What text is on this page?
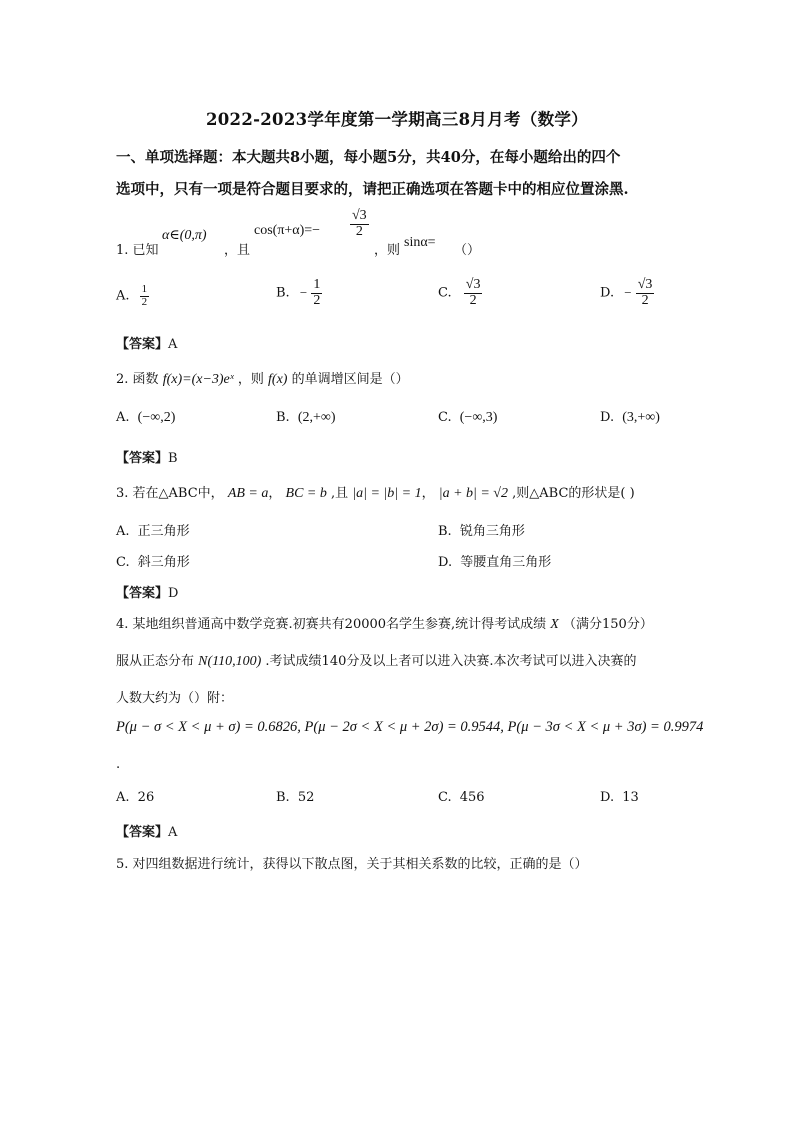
2022-2023学年度第一学期高三8月月考（数学）
一、单项选择题：本大题共8小题，每小题5分，共40分，在每小题给出的四个
选项中，只有一项是符合题目要求的，请把正确选项在答题卡中的相应位置涂黑.
1. 已知
α∈(0,π)
，且
$\cos(\pi+\alpha)=- \frac{√3}{2}$
，则
sinα=
（）
A. $\frac{1}{2}$	B. − $\frac{1}{2}$	C. $\frac{√3}{2}$	D. − $\frac{√3}{2}$
【答案】A
2. 函数 f(x)=(x−3)eˣ ，则 f(x) 的单调增区间是（）
A. (−∞,2)	B. (2,+∞)	C. (−∞,3)	D. (3,+∞)
【答案】B
3. 若在△ABC中， AB = a， BC = b ,且 |a| = |b| = 1， |a + b| = √2 ,则△ABC的形状是( )
A. 正三角形	B. 锐角三角形
C. 斜三角形	D. 等腰直角三角形
【答案】D
4. 某地组织普通高中数学竞赛.初赛共有20000名学生参赛,统计得考试成绩 X （满分150分）
服从正态分布 N(110,100) .考试成绩140分及以上者可以进入决赛.本次考试可以进入决赛的
人数大约为（）附：
P(μ − σ < X < μ + σ) = 0.6826, P(μ − 2σ < X < μ + 2σ) = 0.9544, P(μ − 3σ < X < μ + 3σ) = 0.9974
.
A. 26	B. 52	C. 456	D. 13
【答案】A
5. 对四组数据进行统计，获得以下散点图，关于其相关系数的比较，正确的是（）
